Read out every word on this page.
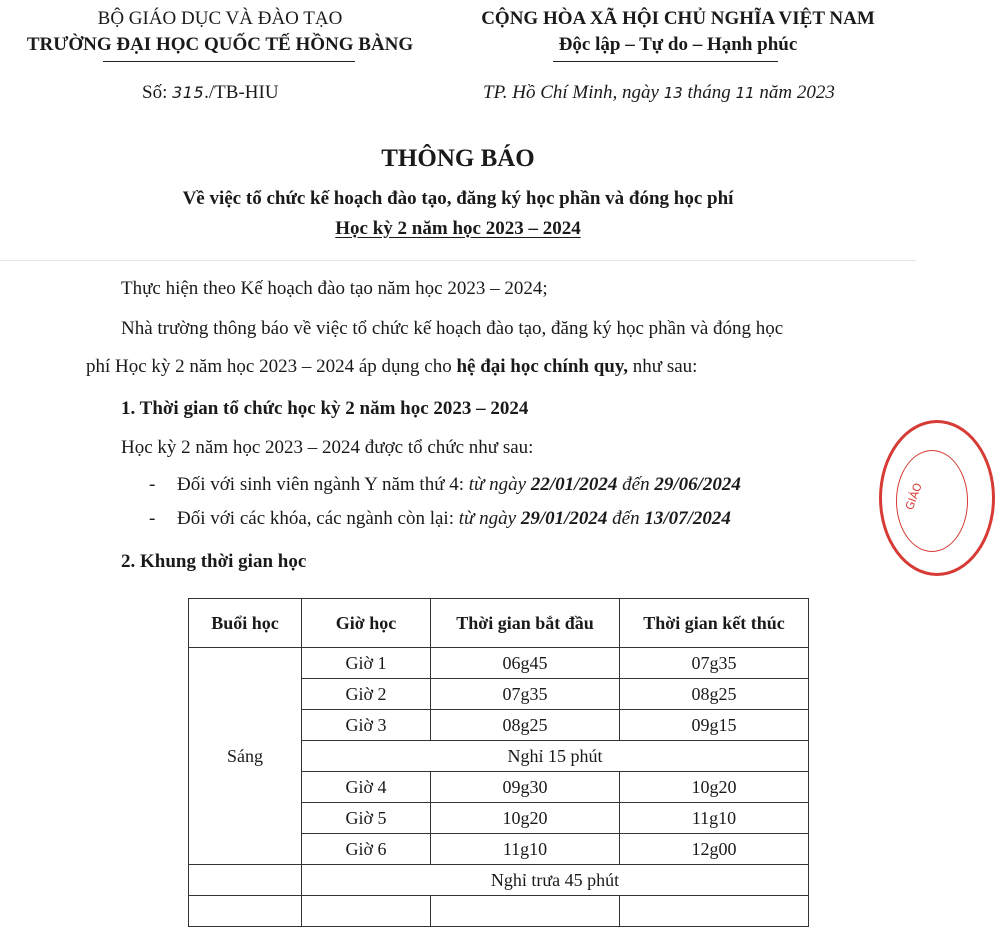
BỘ GIÁO DỤC VÀ ĐÀO TẠO
TRƯỜNG ĐẠI HỌC QUỐC TẾ HỒNG BÀNG
CỘNG HÒA XÃ HỘI CHỦ NGHĨA VIỆT NAM
Độc lập – Tự do – Hạnh phúc
Số: 315./TB-HIU	TP. Hồ Chí Minh, ngày 13 tháng 11 năm 2023
THÔNG BÁO
Về việc tổ chức kế hoạch đào tạo, đăng ký học phần và đóng học phí
Học kỳ 2 năm học 2023 – 2024
Thực hiện theo Kế hoạch đào tạo năm học 2023 – 2024;
Nhà trường thông báo về việc tổ chức kế hoạch đào tạo, đăng ký học phần và đóng học
phí Học kỳ 2 năm học 2023 – 2024 áp dụng cho hệ đại học chính quy, như sau:
1. Thời gian tổ chức học kỳ 2 năm học 2023 – 2024
Học kỳ 2 năm học 2023 – 2024 được tổ chức như sau:
- Đối với sinh viên ngành Y năm thứ 4: từ ngày 22/01/2024 đến 29/06/2024
- Đối với các khóa, các ngành còn lại: từ ngày 29/01/2024 đến 13/07/2024
2. Khung thời gian học
GIÁO
Buổi học	Giờ học	Thời gian bắt đầu	Thời gian kết thúc
Sáng	Giờ 1	06g45	07g35
	Giờ 2	07g35	08g25
	Giờ 3	08g25	09g15
	Nghỉ 15 phút		
	Giờ 4	09g30	10g20
	Giờ 5	10g20	11g10
	Giờ 6	11g10	12g00
	Nghỉ trưa 45 phút		
